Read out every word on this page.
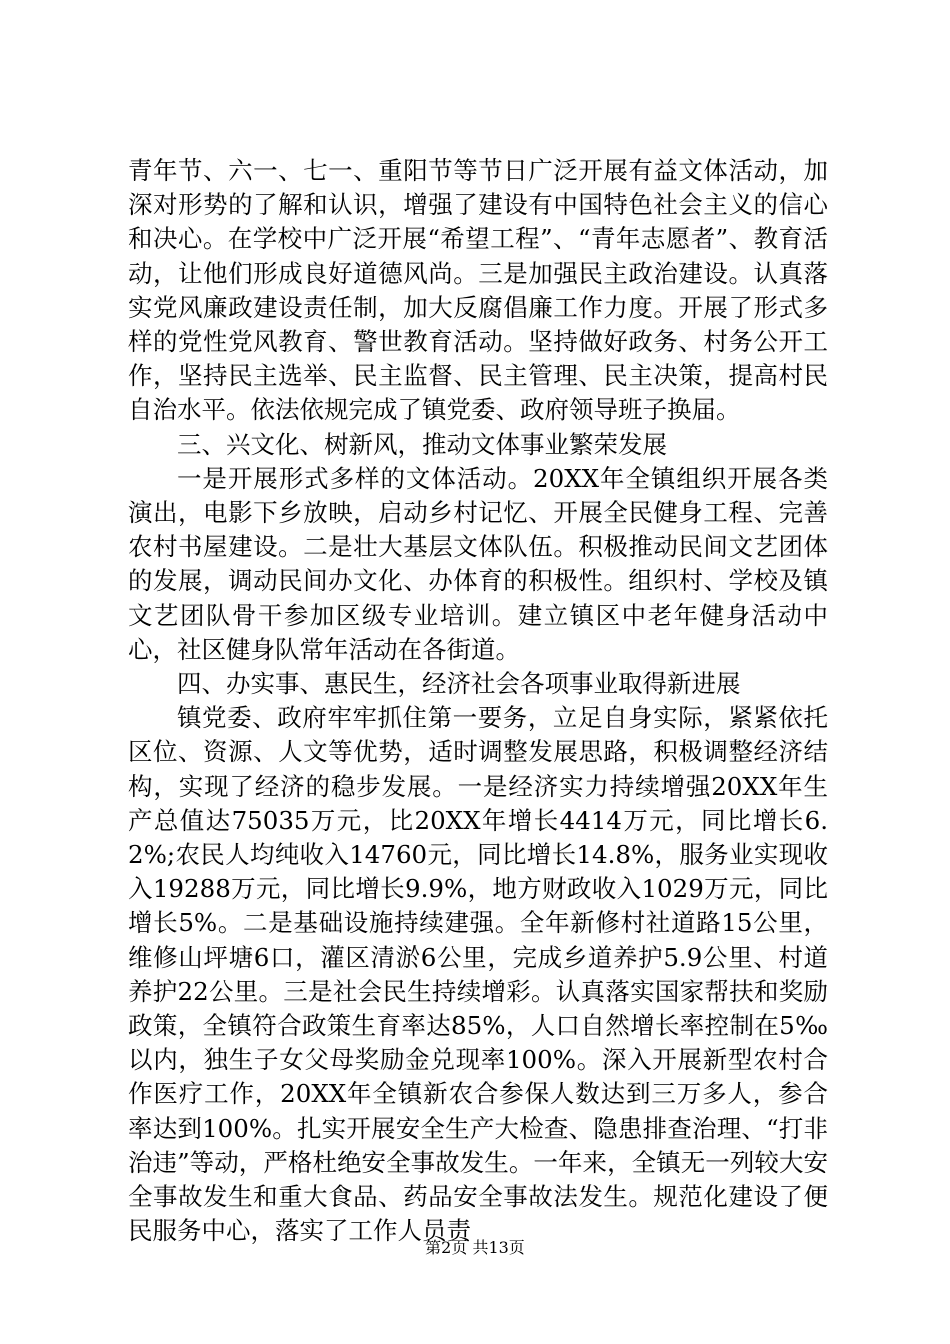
青年节、六一、七一、重阳节等节日广泛开展有益文体活动，加深对形势的了解和认识，增强了建设有中国特色社会主义的信心和决心。在学校中广泛开展“希望工程”、“青年志愿者”、教育活动，让他们形成良好道德风尚。三是加强民主政治建设。认真落实党风廉政建设责任制，加大反腐倡廉工作力度。开展了形式多样的党性党风教育、警世教育活动。坚持做好政务、村务公开工作，坚持民主选举、民主监督、民主管理、民主决策，提高村民自治水平。依法依规完成了镇党委、政府领导班子换届。

三、兴文化、树新风，推动文体事业繁荣发展

一是开展形式多样的文体活动。20XX年全镇组织开展各类演出，电影下乡放映，启动乡村记忆、开展全民健身工程、完善农村书屋建设。二是壮大基层文体队伍。积极推动民间文艺团体的发展，调动民间办文化、办体育的积极性。组织村、学校及镇文艺团队骨干参加区级专业培训。建立镇区中老年健身活动中心，社区健身队常年活动在各街道。

四、办实事、惠民生，经济社会各项事业取得新进展

镇党委、政府牢牢抓住第一要务，立足自身实际，紧紧依托区位、资源、人文等优势，适时调整发展思路，积极调整经济结构，实现了经济的稳步发展。一是经济实力持续增强20XX年生产总值达75035万元，比20XX年增长4414万元，同比增长6.2%;农民人均纯收入14760元，同比增长14.8%，服务业实现收入19288万元，同比增长9.9%，地方财政收入1029万元，同比增长5%。二是基础设施持续建强。全年新修村社道路15公里，维修山坪塘6口，灌区清淤6公里，完成乡道养护5.9公里、村道养护22公里。三是社会民生持续增彩。认真落实国家帮扶和奖励政策，全镇符合政策生育率达85%，人口自然增长率控制在5‰以内，独生子女父母奖励金兑现率100%。深入开展新型农村合作医疗工作，20XX年全镇新农合参保人数达到三万多人，参合率达到100%。扎实开展安全生产大检查、隐患排查治理、“打非治违”等动，严格杜绝安全事故发生。一年来，全镇无一列较大安全事故发生和重大食品、药品安全事故法发生。规范化建设了便民服务中心，落实了工作人员责

第2页 共13页
